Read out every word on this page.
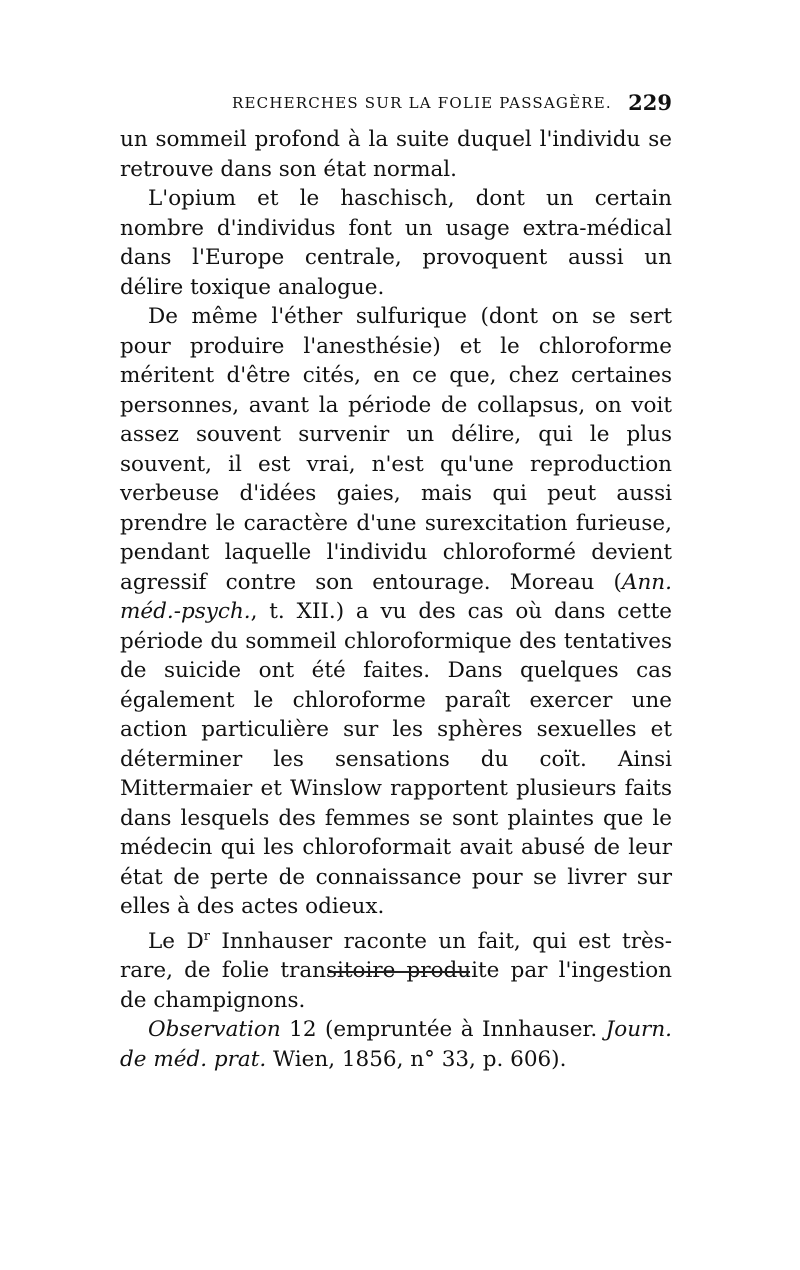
RECHERCHES SUR LA FOLIE PASSAGÈRE. 229

un sommeil profond à la suite duquel l'individu se retrouve dans son état normal.

L'opium et le haschisch, dont un certain nombre d'individus font un usage extra-médical dans l'Europe centrale, provoquent aussi un délire toxique analogue.

De même l'éther sulfurique (dont on se sert pour produire l'anesthésie) et le chloroforme méritent d'être cités, en ce que, chez certaines personnes, avant la période de collapsus, on voit assez souvent survenir un délire, qui le plus souvent, il est vrai, n'est qu'une reproduction verbeuse d'idées gaies, mais qui peut aussi prendre le caractère d'une surexcitation furieuse, pendant laquelle l'individu chloroformé devient agressif contre son entourage. Moreau (Ann. méd.-psych., t. XII.) a vu des cas où dans cette période du sommeil chloroformique des tentatives de suicide ont été faites. Dans quelques cas également le chloroforme paraît exercer une action particulière sur les sphères sexuelles et déterminer les sensations du coït. Ainsi Mittermaier et Winslow rapportent plusieurs faits dans lesquels des femmes se sont plaintes que le médecin qui les chloroformait avait abusé de leur état de perte de connaissance pour se livrer sur elles à des actes odieux.

Le $D^r$ Innhauser raconte un fait, qui est très-rare, de folie transitoire produite par l'ingestion de champignons.

Observation 12 (empruntée à Innhauser. Journ. de méd. prat. Wien, 1856, n° 33, p. 606).
